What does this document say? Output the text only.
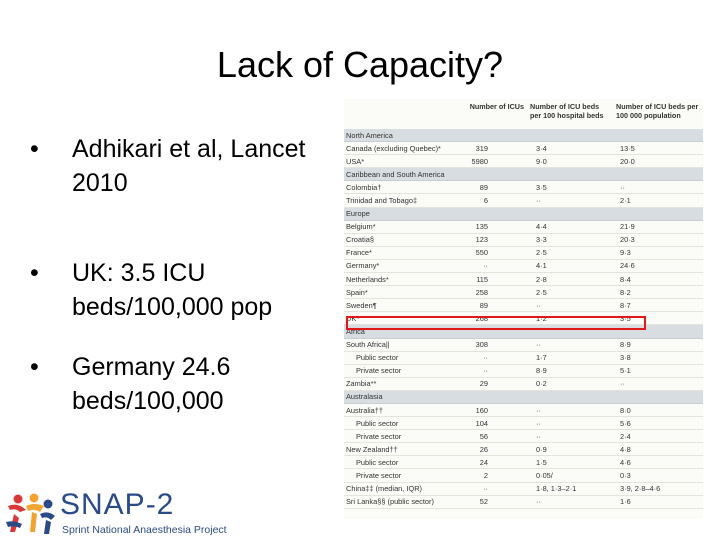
Lack of Capacity?
• Adhikari et al, Lancet 2010
• UK: 3.5 ICU beds/100,000 pop
• Germany 24.6 beds/100,000
	Number of ICUs	Number of ICU beds per 100 hospital beds	Number of ICU beds per 100 000 population
North America			
Canada (excluding Quebec)*	319	3·4	13·5
USA*	5980	9·0	20·0
Caribbean and South America			
Colombia†	89	3·5	··
Trinidad and Tobago‡	6	··	2·1
Europe			
Belgium*	135	4·4	21·9
Croatia§	123	3·3	20·3
France*	550	2·5	9·3
Germany*	··	4·1	24·6
Netherlands*	115	2·8	8·4
Spain*	258	2·5	8·2
Sweden¶	89	··	8·7
UK*	268	1·2	3·5
Africa			
South Africa||	308	··	8·9
Public sector	··	1·7	3·8
Private sector	··	8·9	5·1
Zambia**	29	0·2	··
Australasia			
Australia††	160	··	8·0
Public sector	104	··	5·6
Private sector	56	··	2·4
New Zealand††	26	0·9	4·8
Public sector	24	1·5	4·6
Private sector	2	0·05/	0·3
China‡‡ (median, IQR)	··	1·8, 1·3–2·1	3·9, 2·8–4·6
Sri Lanka§§ (public sector)	52	··	1·6
SNAP-2
Sprint National Anaesthesia Project
